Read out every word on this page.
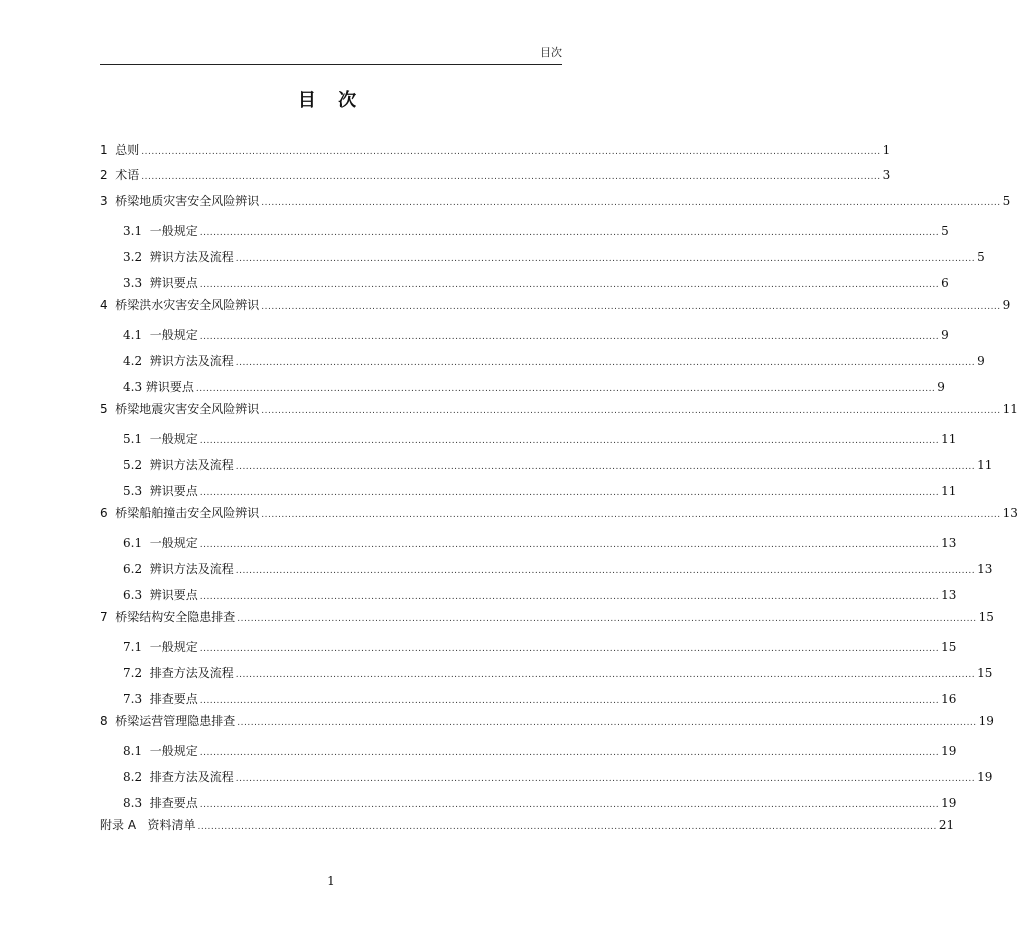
目次
目 次
1  总则 ............................................................................................................................................................................................................................ 1
2  术语 ............................................................................................................................................................................................................................ 3
3  桥梁地质灾害安全风险辨识 ............................................................................................................................................................................................................................ 5
3.1  一般规定 ............................................................................................................................................................................................................................ 5
3.2  辨识方法及流程 ............................................................................................................................................................................................................................ 5
3.3  辨识要点 ............................................................................................................................................................................................................................ 6
4  桥梁洪水灾害安全风险辨识 ............................................................................................................................................................................................................................ 9
4.1  一般规定 ............................................................................................................................................................................................................................ 9
4.2  辨识方法及流程 ............................................................................................................................................................................................................................ 9
4.3 辨识要点 ............................................................................................................................................................................................................................ 9
5  桥梁地震灾害安全风险辨识 ............................................................................................................................................................................................................................ 11
5.1  一般规定 ............................................................................................................................................................................................................................ 11
5.2  辨识方法及流程 ............................................................................................................................................................................................................................ 11
5.3  辨识要点 ............................................................................................................................................................................................................................ 11
6  桥梁船舶撞击安全风险辨识 ............................................................................................................................................................................................................................ 13
6.1  一般规定 ............................................................................................................................................................................................................................ 13
6.2  辨识方法及流程 ............................................................................................................................................................................................................................ 13
6.3  辨识要点 ............................................................................................................................................................................................................................ 13
7  桥梁结构安全隐患排查 ............................................................................................................................................................................................................................ 15
7.1  一般规定 ............................................................................................................................................................................................................................ 15
7.2  排查方法及流程 ............................................................................................................................................................................................................................ 15
7.3  排查要点 ............................................................................................................................................................................................................................ 16
8  桥梁运营管理隐患排查 ............................................................................................................................................................................................................................ 19
8.1  一般规定 ............................................................................................................................................................................................................................ 19
8.2  排查方法及流程 ............................................................................................................................................................................................................................ 19
8.3  排查要点 ............................................................................................................................................................................................................................ 19
附录 A   资料清单 ............................................................................................................................................................................................................................ 21
1
